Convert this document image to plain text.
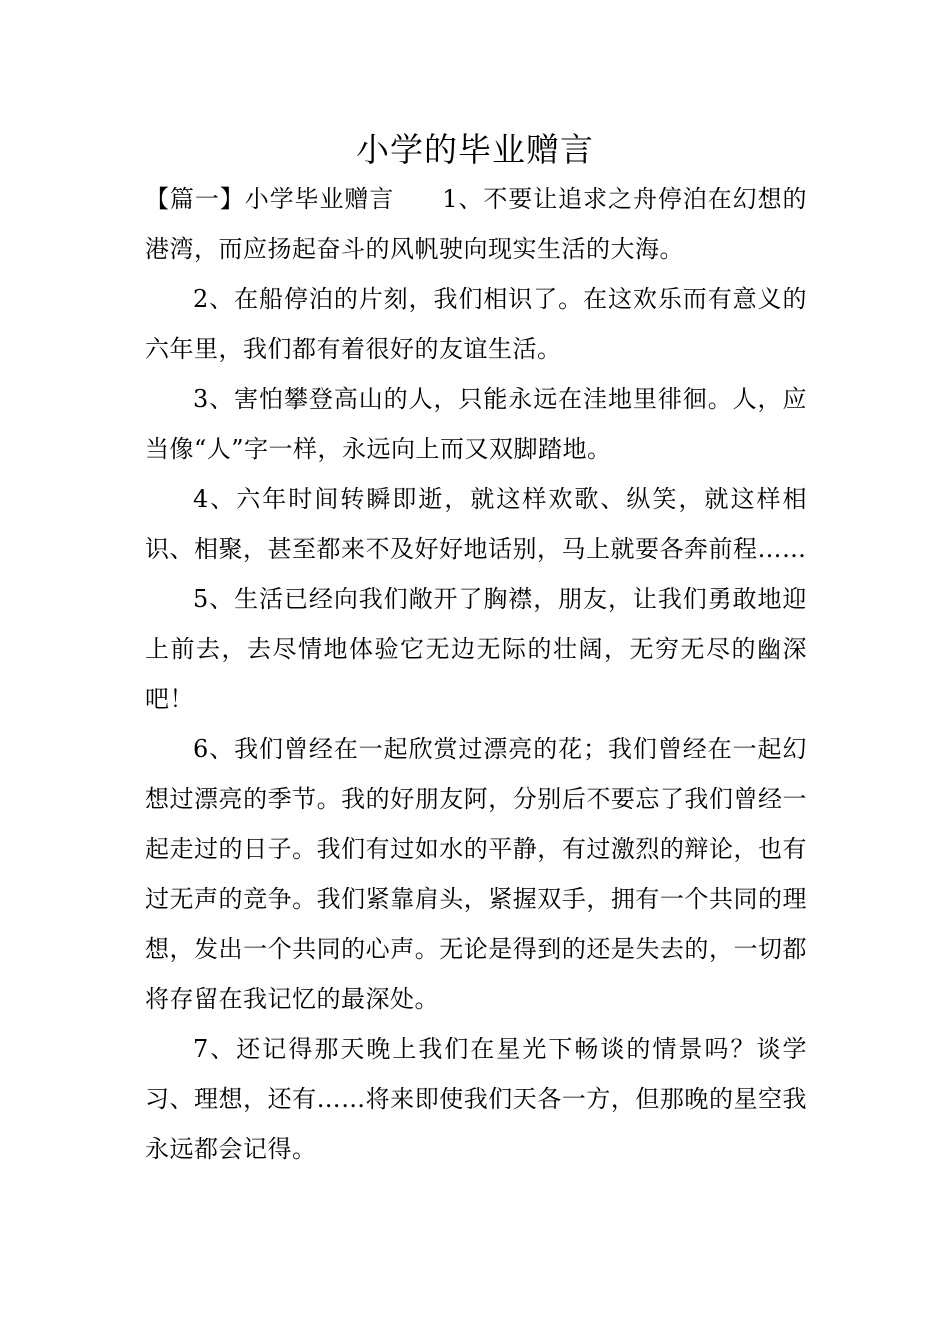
小学的毕业赠言

【篇一】小学毕业赠言 1、不要让追求之舟停泊在幻想的港湾，而应扬起奋斗的风帆驶向现实生活的大海。

2、在船停泊的片刻，我们相识了。在这欢乐而有意义的六年里，我们都有着很好的友谊生活。

3、害怕攀登高山的人，只能永远在洼地里徘徊。人，应当像“人”字一样，永远向上而又双脚踏地。

4、六年时间转瞬即逝，就这样欢歌、纵笑，就这样相识、相聚，甚至都来不及好好地话别，马上就要各奔前程……

5、生活已经向我们敞开了胸襟，朋友，让我们勇敢地迎上前去，去尽情地体验它无边无际的壮阔，无穷无尽的幽深吧！

6、我们曾经在一起欣赏过漂亮的花；我们曾经在一起幻想过漂亮的季节。我的好朋友阿，分别后不要忘了我们曾经一起走过的日子。我们有过如水的平静，有过激烈的辩论，也有过无声的竞争。我们紧靠肩头，紧握双手，拥有一个共同的理想，发出一个共同的心声。无论是得到的还是失去的，一切都将存留在我记忆的最深处。

7、还记得那天晚上我们在星光下畅谈的情景吗？谈学习、理想，还有……将来即使我们天各一方，但那晚的星空我永远都会记得。
